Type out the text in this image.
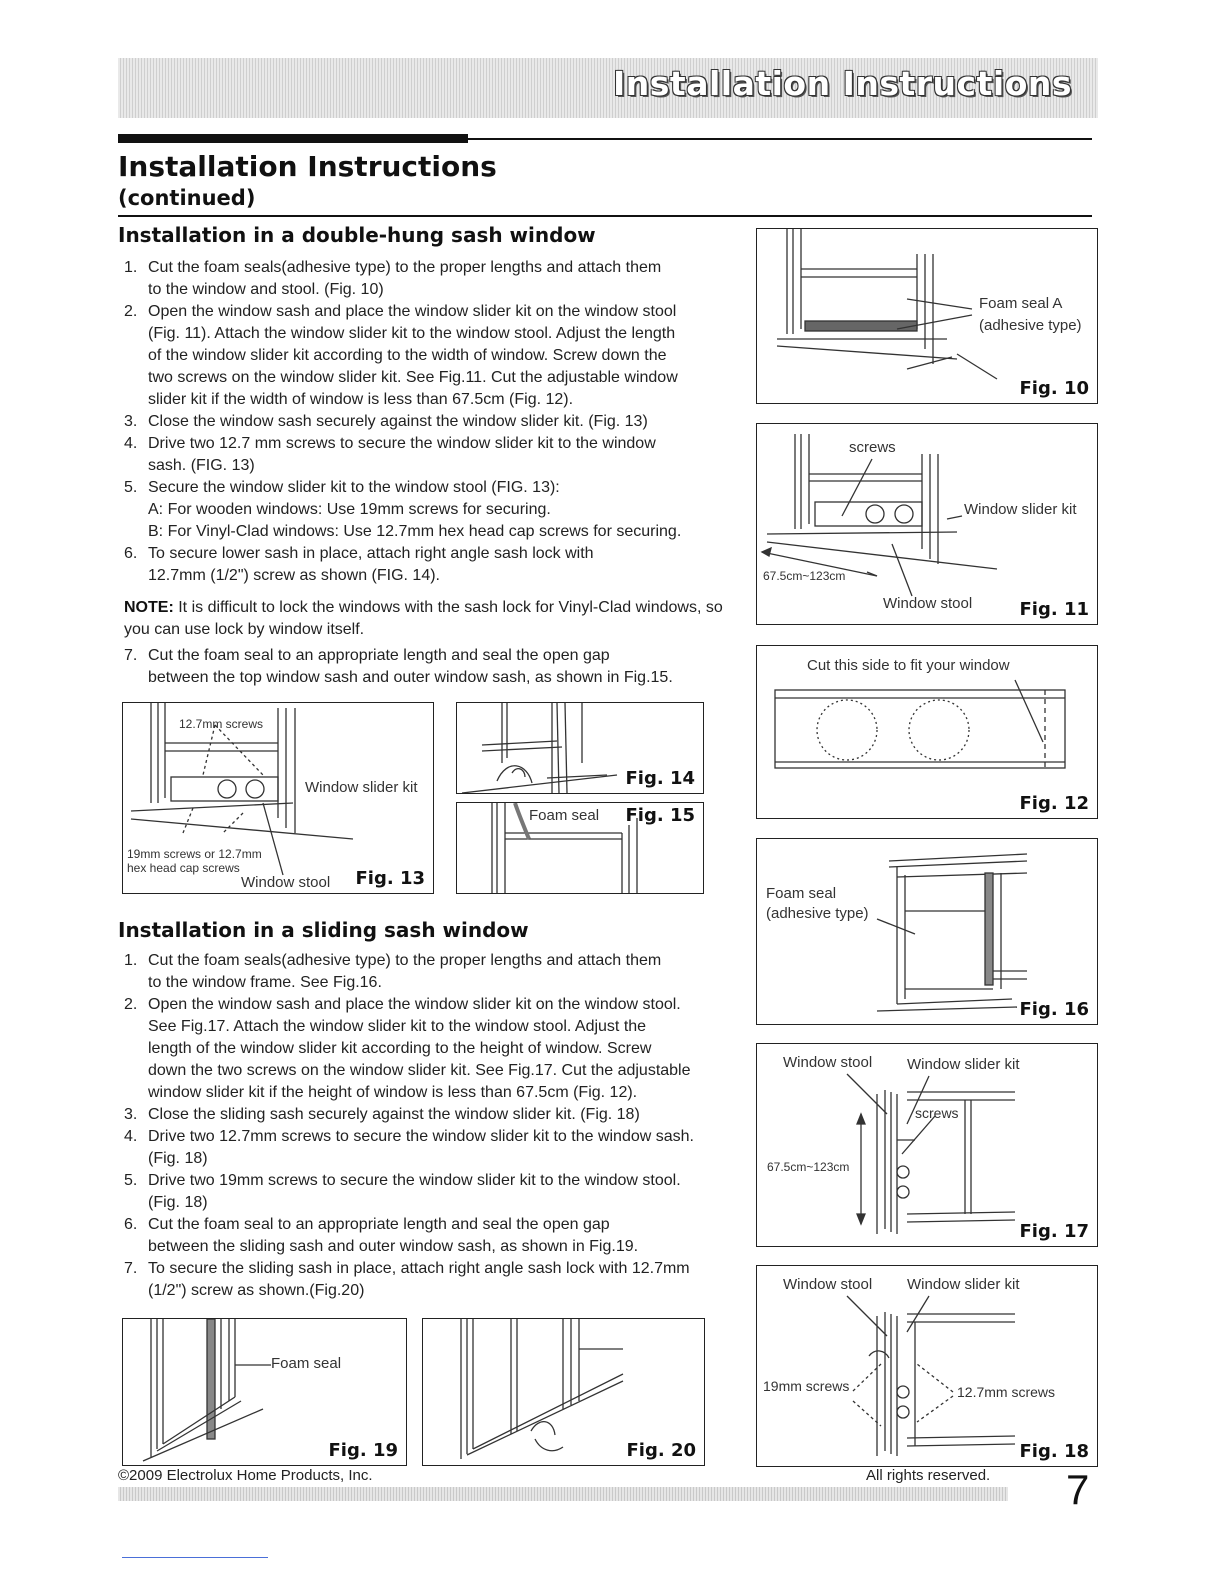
Installation Instructions
Installation Instructions
(continued)
Installation in a double-hung sash window
1. Cut the foam seals(adhesive type) to the proper lengths and attach them
to the window and stool. (Fig. 10)
2. Open the window sash and place the window slider kit on the window stool
(Fig. 11). Attach the window slider kit to the window stool. Adjust the length
of the window slider kit according to the width of window. Screw down the
two screws on the window slider kit. See Fig.11. Cut the adjustable window
slider kit if the width of window is less than 67.5cm (Fig. 12).
3. Close the window sash securely against the window slider kit. (Fig. 13)
4. Drive two 12.7 mm screws to secure the window slider kit to the window
sash. (FIG. 13)
5. Secure the window slider kit to the window stool (FIG. 13):
A: For wooden windows: Use 19mm screws for securing.
B: For Vinyl-Clad windows: Use 12.7mm hex head cap screws for securing.
6. To secure lower sash in place, attach right angle sash lock with
12.7mm (1/2") screw as shown (FIG. 14).
NOTE: It is difficult to lock the windows with the sash lock for Vinyl-Clad windows, so you can use lock by window itself.
7. Cut the foam seal to an appropriate length and seal the open gap
between the top window sash and outer window sash, as shown in Fig.15.
Installation in a sliding sash window
1. Cut the foam seals(adhesive type) to the proper lengths and attach them
to the window frame. See Fig.16.
2. Open the window sash and place the window slider kit on the window stool.
See Fig.17. Attach the window slider kit to the window stool. Adjust the
length of the window slider kit according to the height of window. Screw
down the two screws on the window slider kit. See Fig.17. Cut the adjustable
window slider kit if the height of window is less than 67.5cm (Fig. 12).
3. Close the sliding sash securely against the window slider kit. (Fig. 18)
4. Drive two 12.7mm screws to secure the window slider kit to the window sash.
(Fig. 18)
5. Drive two 19mm screws to secure the window slider kit to the window stool.
(Fig. 18)
6. Cut the foam seal to an appropriate length and seal the open gap
between the sliding sash and outer window sash, as shown in Fig.19.
7. To secure the sliding sash in place, attach right angle sash lock with 12.7mm
(1/2") screw as shown.(Fig.20)
Foam seal A
(adhesive type)
Fig. 10
screws
Window slider kit
67.5cm~123cm
Window stool	Fig. 11
Cut this side to fit your window
Fig. 12
12.7mm screws
Window slider kit
19mm screws or 12.7mm
hex head cap screws
Window stool Fig. 13
Fig. 14
Foam seal Fig. 15
Foam seal
(adhesive type)
Fig. 16
Window stool Window slider kit
screws
67.5cm~123cm
Fig. 17
Window stool Window slider kit
19mm screws	12.7mm screws
Fig. 18
Foam seal
Fig. 19	Fig. 20
©2009 Electrolux Home Products, Inc.	All rights reserved. 7
